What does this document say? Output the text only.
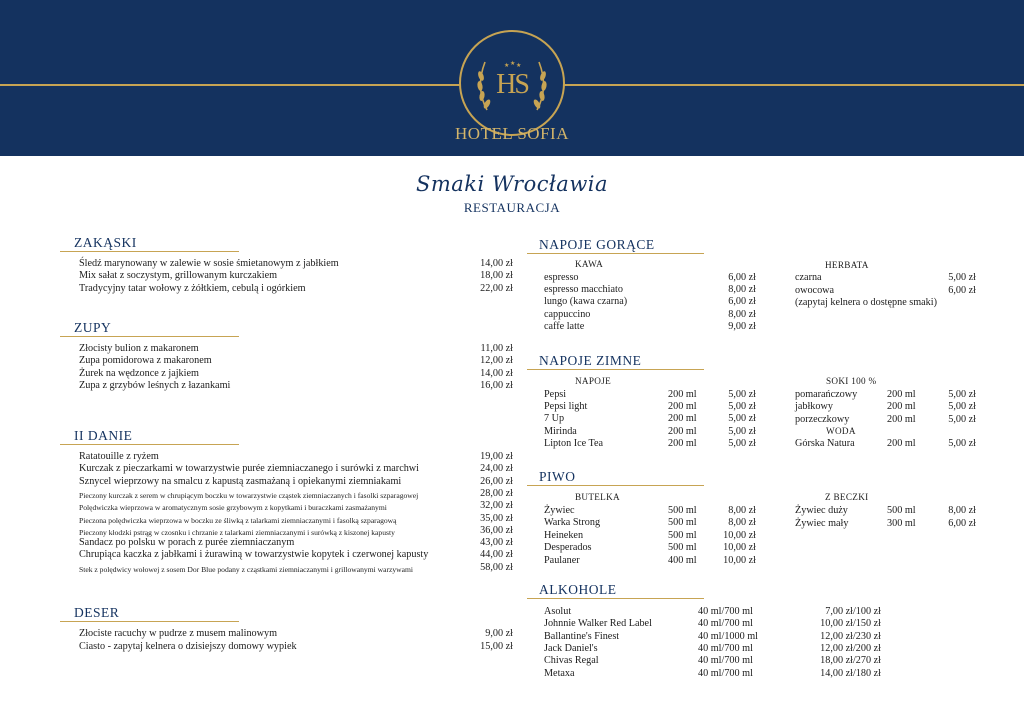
★ ★ ★
HS
HOTEL SOFIA
Smaki Wrocławia
RESTAURACJA
ZAKĄSKI
Śledź marynowany w zalewie w sosie śmietanowym z jabłkiem	14,00 zł
Mix sałat z soczystym, grillowanym kurczakiem	18,00 zł
Tradycyjny tatar wołowy z żółtkiem, cebulą i ogórkiem	22,00 zł
ZUPY
Złocisty bulion z makaronem	11,00 zł
Zupa pomidorowa z makaronem	12,00 zł
Żurek na wędzonce z jajkiem	14,00 zł
Zupa z grzybów leśnych z łazankami	16,00 zł
II DANIE
Ratatouille z ryżem	19,00 zł
Kurczak z pieczarkami w towarzystwie purée ziemniaczanego i surówki z marchwi	24,00 zł
Sznycel wieprzowy na smalcu z kapustą zasmażaną i opiekanymi ziemniakami	26,00 zł
Pieczony kurczak z serem w chrupiącym boczku w towarzystwie cząstek ziemniaczanych i fasolki szparagowej	28,00 zł
Polędwiczka wieprzowa w aromatycznym sosie grzybowym z kopytkami i buraczkami zasmażanymi	32,00 zł
Pieczona polędwiczka wieprzowa w boczku ze śliwką z talarkami ziemniaczanymi i fasolką szparagową	35,00 zł
Pieczony kłodzki pstrąg w czosnku i chrzanie z talarkami ziemniaczanymi i surówką z kiszonej kapusty	36,00 zł
Sandacz po polsku w porach z purée ziemniaczanym	43,00 zł
Chrupiąca kaczka z jabłkami i żurawiną w towarzystwie kopytek i czerwonej kapusty	44,00 zł
Stek z polędwicy wołowej z sosem Dor Blue podany z cząstkami ziemniaczanymi i grillowanymi warzywami	58,00 zł
DESER
Złociste racuchy w pudrze z musem malinowym	9,00 zł
Ciasto - zapytaj kelnera o dzisiejszy domowy wypiek	15,00 zł
NAPOJE GORĄCE
KAWA	HERBATA
espresso	6,00 zł
espresso macchiato	8,00 zł
lungo (kawa czarna)	6,00 zł
cappuccino	8,00 zł
caffe latte	9,00 zł
czarna	5,00 zł
owocowa	6,00 zł
(zapytaj kelnera o dostępne smaki)
NAPOJE ZIMNE
NAPOJE	SOKI 100 %
WODA
Pepsi	200 ml	5,00 zł
Pepsi light	200 ml	5,00 zł
7 Up	200 ml	5,00 zł
Mirinda	200 ml	5,00 zł
Lipton Ice Tea	200 ml	5,00 zł
pomarańczowy	200 ml	5,00 zł
jabłkowy	200 ml	5,00 zł
porzeczkowy	200 ml	5,00 zł
Górska Natura	200 ml	5,00 zł
PIWO
BUTELKA	Z BECZKI
Żywiec	500 ml	8,00 zł
Warka Strong	500 ml	8,00 zł
Heineken	500 ml	10,00 zł
Desperados	500 ml	10,00 zł
Paulaner	400 ml	10,00 zł
Żywiec duży	500 ml	8,00 zł
Żywiec mały	300 ml	6,00 zł
ALKOHOLE
Asolut	40 ml/700 ml	7,00 zł/100 zł
Johnnie Walker Red Label	40 ml/700 ml	10,00 zł/150 zł
Ballantine's Finest	40 ml/1000 ml	12,00 zł/230 zł
Jack Daniel's	40 ml/700 ml	12,00 zł/200 zł
Chivas Regal	40 ml/700 ml	18,00 zł/270 zł
Metaxa	40 ml/700 ml	14,00 zł/180 zł
